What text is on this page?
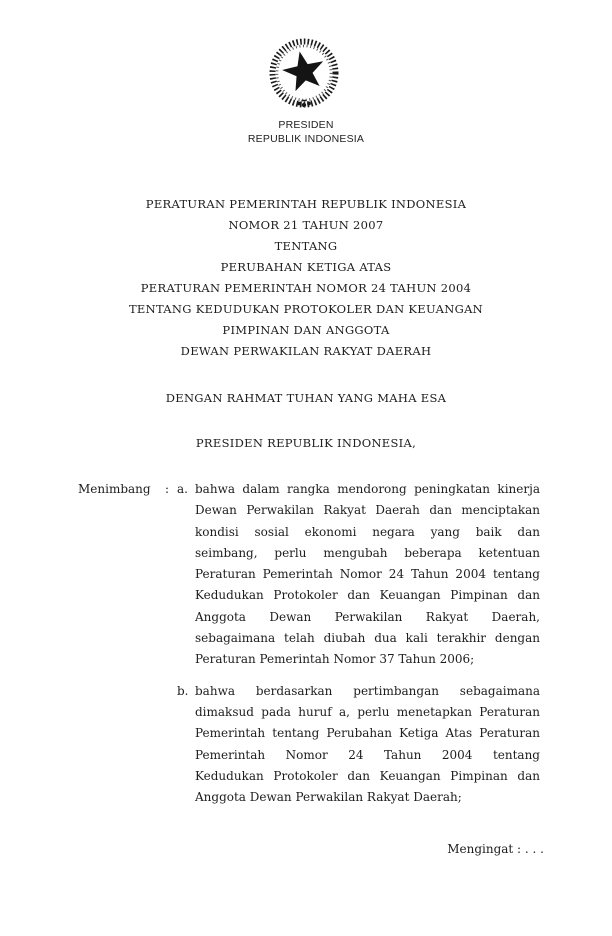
PRESIDEN
REPUBLIK INDONESIA
PERATURAN PEMERINTAH REPUBLIK INDONESIA
NOMOR 21 TAHUN 2007
TENTANG
PERUBAHAN KETIGA ATAS
PERATURAN PEMERINTAH NOMOR 24 TAHUN 2004
TENTANG KEDUDUKAN PROTOKOLER DAN KEUANGAN
PIMPINAN DAN ANGGOTA
DEWAN PERWAKILAN RAKYAT DAERAH
DENGAN RAHMAT TUHAN YANG MAHA ESA
PRESIDEN REPUBLIK INDONESIA,
Menimbang	: a. bahwa dalam rangka mendorong peningkatan kinerja
Dewan Perwakilan Rakyat Daerah dan menciptakan
kondisi sosial ekonomi negara yang baik dan
seimbang, perlu mengubah beberapa ketentuan
Peraturan Pemerintah Nomor 24 Tahun 2004 tentang
Kedudukan Protokoler dan Keuangan Pimpinan dan
Anggota Dewan Perwakilan Rakyat Daerah,
sebagaimana telah diubah dua kali terakhir dengan
Peraturan Pemerintah Nomor 37 Tahun 2006;
b. bahwa berdasarkan pertimbangan sebagaimana
dimaksud pada huruf a, perlu menetapkan Peraturan
Pemerintah tentang Perubahan Ketiga Atas Peraturan
Pemerintah Nomor 24 Tahun 2004 tentang
Kedudukan Protokoler dan Keuangan Pimpinan dan
Anggota Dewan Perwakilan Rakyat Daerah;
Mengingat : . . .
